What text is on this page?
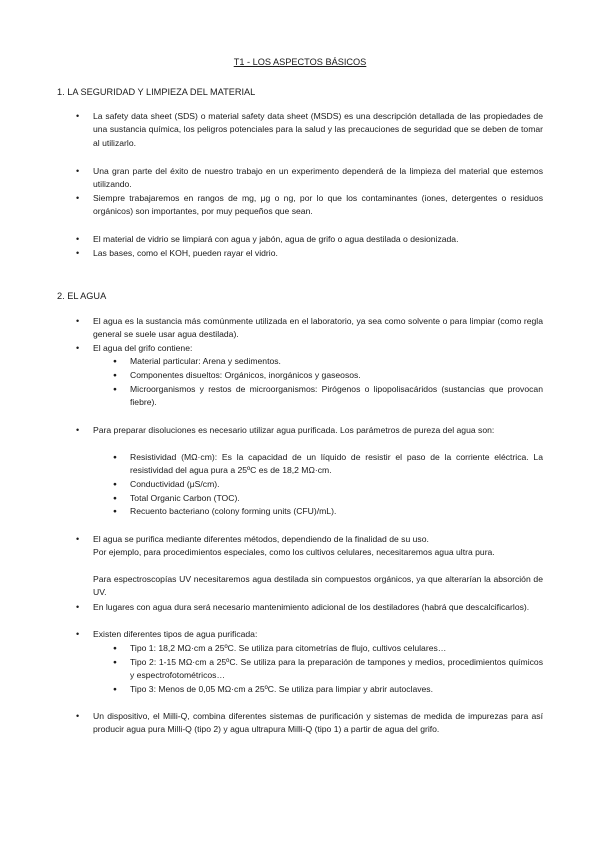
T1 - LOS ASPECTOS BÁSICOS
1. LA SEGURIDAD Y LIMPIEZA DEL MATERIAL

• La safety data sheet (SDS) o material safety data sheet (MSDS) es una descripción detallada de las propiedades de una sustancia química, los peligros potenciales para la salud y las precauciones de seguridad que se deben de tomar al utilizarlo.

• Una gran parte del éxito de nuestro trabajo en un experimento dependerá de la limpieza del material que estemos utilizando.

• Siempre trabajaremos en rangos de mg, μg o ng, por lo que los contaminantes (iones, detergentes o residuos orgánicos) son importantes, por muy pequeños que sean.

• El material de vidrio se limpiará con agua y jabón, agua de grifo o agua destilada o desionizada.

• Las bases, como el KOH, pueden rayar el vidrio.

2. EL AGUA

• El agua es la sustancia más comúnmente utilizada en el laboratorio, ya sea como solvente o para limpiar (como regla general se suele usar agua destilada).

• El agua del grifo contiene:

● Material particular: Arena y sedimentos.

● Componentes disueltos: Orgánicos, inorgánicos y gaseosos.

● Microorganismos y restos de microorganismos: Pirógenos o lipopolisacáridos (sustancias que provocan fiebre).

• Para preparar disoluciones es necesario utilizar agua purificada. Los parámetros de pureza del agua son:

● Resistividad (MΩ·cm): Es la capacidad de un líquido de resistir el paso de la corriente eléctrica. La resistividad del agua pura a 25ºC es de 18,2 MΩ·cm.

● Conductividad (μS/cm).

● Total Organic Carbon (TOC).

● Recuento bacteriano (colony forming units (CFU)/mL).

• El agua se purifica mediante diferentes métodos, dependiendo de la finalidad de su uso.

Por ejemplo, para procedimientos especiales, como los cultivos celulares, necesitaremos agua ultra pura.

Para espectroscopías UV necesitaremos agua destilada sin compuestos orgánicos, ya que alterarían la absorción de UV.

• En lugares con agua dura será necesario mantenimiento adicional de los destiladores (habrá que descalcificarlos).

• Existen diferentes tipos de agua purificada:

● Tipo 1: 18,2 MΩ·cm a 25ºC. Se utiliza para citometrías de flujo, cultivos celulares…

● Tipo 2: 1-15 MΩ·cm a 25ºC. Se utiliza para la preparación de tampones y medios, procedimientos químicos y espectrofotométricos…

● Tipo 3: Menos de 0,05 MΩ·cm a 25ºC. Se utiliza para limpiar y abrir autoclaves.

• Un dispositivo, el Milli-Q, combina diferentes sistemas de purificación y sistemas de medida de impurezas para así producir agua pura Milli-Q (tipo 2) y agua ultrapura Milli-Q (tipo 1) a partir de agua del grifo.
